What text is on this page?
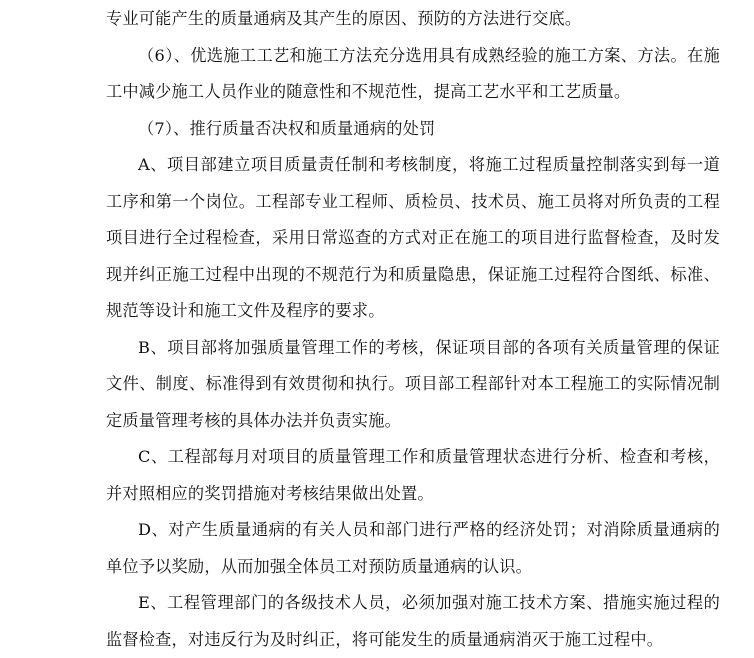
专业可能产生的质量通病及其产生的原因、预防的方法进行交底。

（6）、优选施工工艺和施工方法充分选用具有成熟经验的施工方案、方法。在施工中减少施工人员作业的随意性和不规范性，提高工艺水平和工艺质量。

（7）、推行质量否决权和质量通病的处罚

A、项目部建立项目质量责任制和考核制度，将施工过程质量控制落实到每一道工序和第一个岗位。工程部专业工程师、质检员、技术员、施工员将对所负责的工程项目进行全过程检查，采用日常巡查的方式对正在施工的项目进行监督检查，及时发现并纠正施工过程中出现的不规范行为和质量隐患，保证施工过程符合图纸、标准、规范等设计和施工文件及程序的要求。

B、项目部将加强质量管理工作的考核，保证项目部的各项有关质量管理的保证文件、制度、标准得到有效贯彻和执行。项目部工程部针对本工程施工的实际情况制定质量管理考核的具体办法并负责实施。

C、工程部每月对项目的质量管理工作和质量管理状态进行分析、检查和考核，并对照相应的奖罚措施对考核结果做出处置。

D、对产生质量通病的有关人员和部门进行严格的经济处罚；对消除质量通病的单位予以奖励，从而加强全体员工对预防质量通病的认识。

E、工程管理部门的各级技术人员，必须加强对施工技术方案、措施实施过程的监督检查，对违反行为及时纠正，将可能发生的质量通病消灭于施工过程中。
